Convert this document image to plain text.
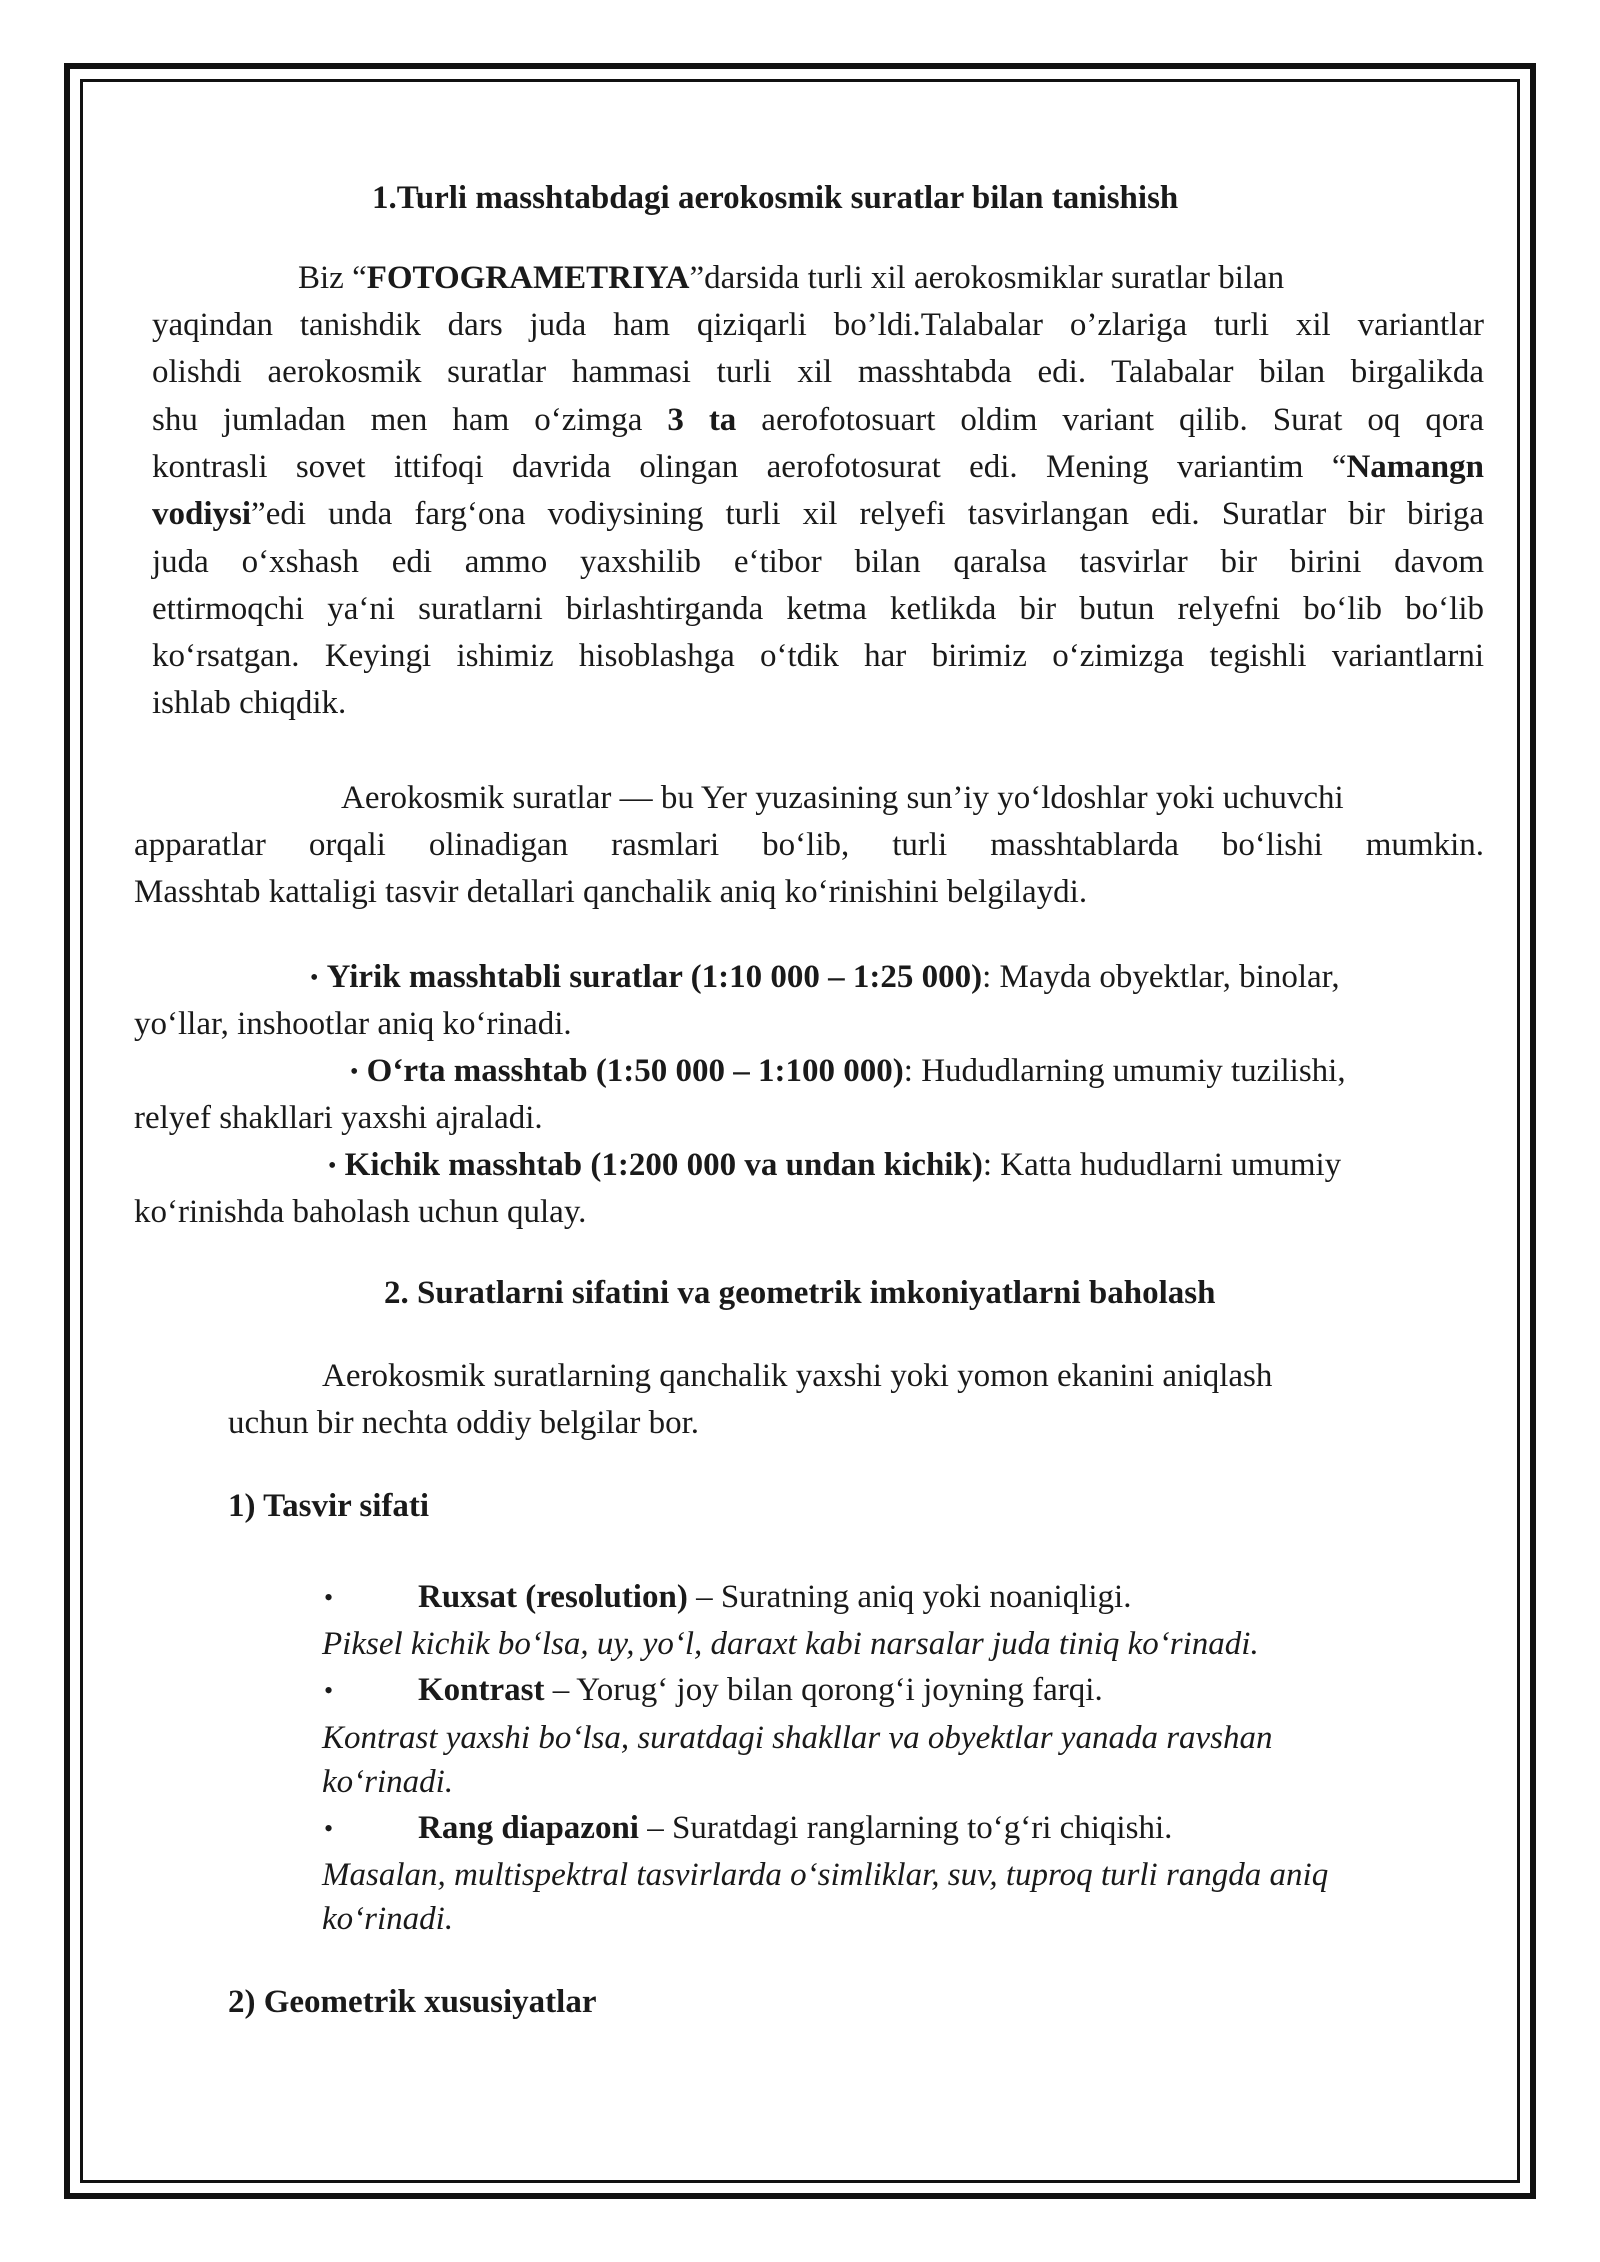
1.Turli masshtabdagi aerokosmik suratlar bilan tanishish
Biz “FOTOGRAMETRIYA”darsida turli xil aerokosmiklar suratlar bilan
yaqindan tanishdik dars juda ham qiziqarli bo’ldi.Talabalar o’zlariga turli xil variantlar
olishdi aerokosmik suratlar hammasi turli xil masshtabda edi. Talabalar bilan birgalikda
shu jumladan men ham o‘zimga 3 ta aerofotosuart oldim variant qilib. Surat oq qora
kontrasli sovet ittifoqi davrida olingan aerofotosurat edi. Mening variantim “Namangn
vodiysi”edi unda farg‘ona vodiysining turli xil relyefi tasvirlangan edi. Suratlar bir biriga
juda o‘xshash edi ammo yaxshilib e‘tibor bilan qaralsa tasvirlar bir birini davom
ettirmoqchi ya‘ni suratlarni birlashtirganda ketma ketlikda bir butun relyefni bo‘lib bo‘lib
ko‘rsatgan. Keyingi ishimiz hisoblashga o‘tdik har birimiz o‘zimizga tegishli variantlarni
ishlab chiqdik.
Aerokosmik suratlar — bu Yer yuzasining sun’iy yo‘ldoshlar yoki uchuvchi
apparatlar orqali olinadigan rasmlari bo‘lib, turli masshtablarda bo‘lishi mumkin.
Masshtab kattaligi tasvir detallari qanchalik aniq ko‘rinishini belgilaydi.
• Yirik masshtabli suratlar (1:10 000 – 1:25 000): Mayda obyektlar, binolar,
yo‘llar, inshootlar aniq ko‘rinadi.
• O‘rta masshtab (1:50 000 – 1:100 000): Hududlarning umumiy tuzilishi,
relyef shakllari yaxshi ajraladi.
• Kichik masshtab (1:200 000 va undan kichik): Katta hududlarni umumiy
ko‘rinishda baholash uchun qulay.
2. Suratlarni sifatini va geometrik imkoniyatlarni baholash
Aerokosmik suratlarning qanchalik yaxshi yoki yomon ekanini aniqlash
uchun bir nechta oddiy belgilar bor.
1) Tasvir sifati
•	Ruxsat (resolution) – Suratning aniq yoki noaniqligi.
Piksel kichik bo‘lsa, uy, yo‘l, daraxt kabi narsalar juda tiniq ko‘rinadi.
•	Kontrast – Yorug‘ joy bilan qorong‘i joyning farqi.
Kontrast yaxshi bo‘lsa, suratdagi shakllar va obyektlar yanada ravshan
ko‘rinadi.
•	Rang diapazoni – Suratdagi ranglarning to‘g‘ri chiqishi.
Masalan, multispektral tasvirlarda o‘simliklar, suv, tuproq turli rangda aniq
ko‘rinadi.
2) Geometrik xususiyatlar
